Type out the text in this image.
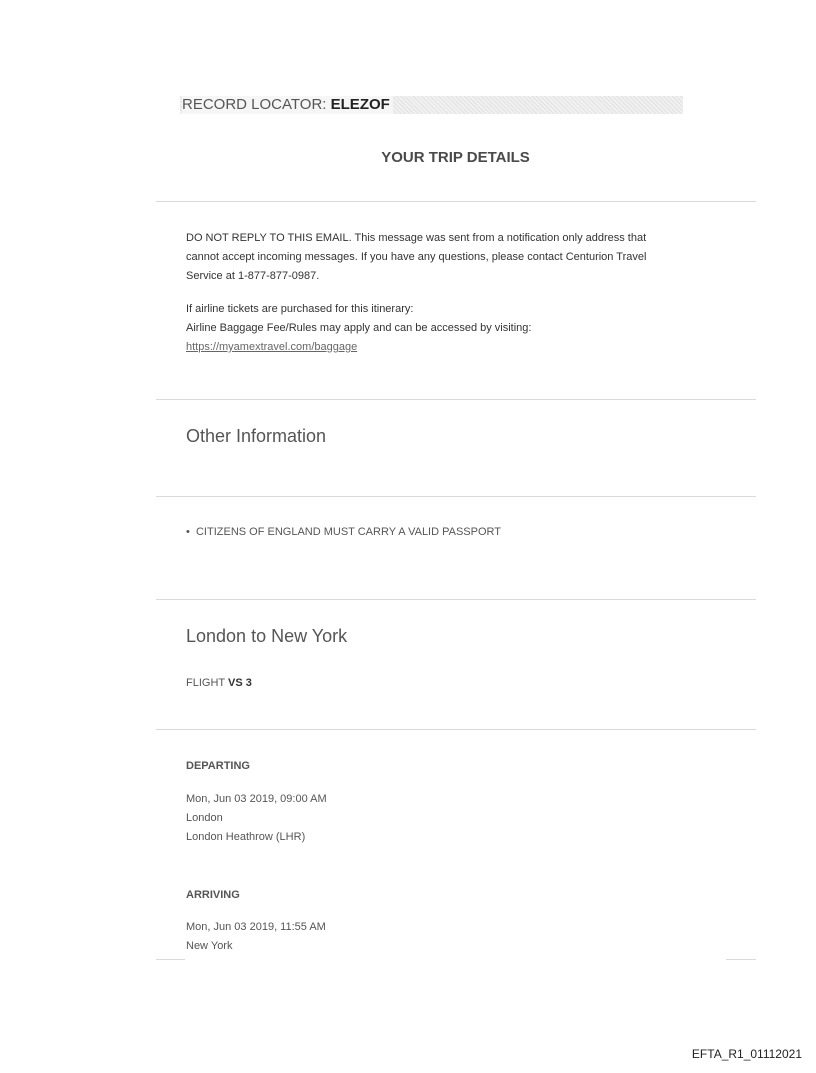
RECORD LOCATOR: ELEZOF
YOUR TRIP DETAILS

DO NOT REPLY TO THIS EMAIL. This message was sent from a notification only address that

cannot accept incoming messages. If you have any questions, please contact Centurion Travel

Service at 1-877-877-0987.

If airline tickets are purchased for this itinerary:

Airline Baggage Fee/Rules may apply and can be accessed by visiting:

https://myamextravel.com/baggage

Other Information
• CITIZENS OF ENGLAND MUST CARRY A VALID PASSPORT
London to New York
FLIGHT VS 3
DEPARTING
Mon, Jun 03 2019, 09:00 AM
London
London Heathrow (LHR)
ARRIVING
Mon, Jun 03 2019, 11:55 AM
New York
EFTA_R1_01112021
